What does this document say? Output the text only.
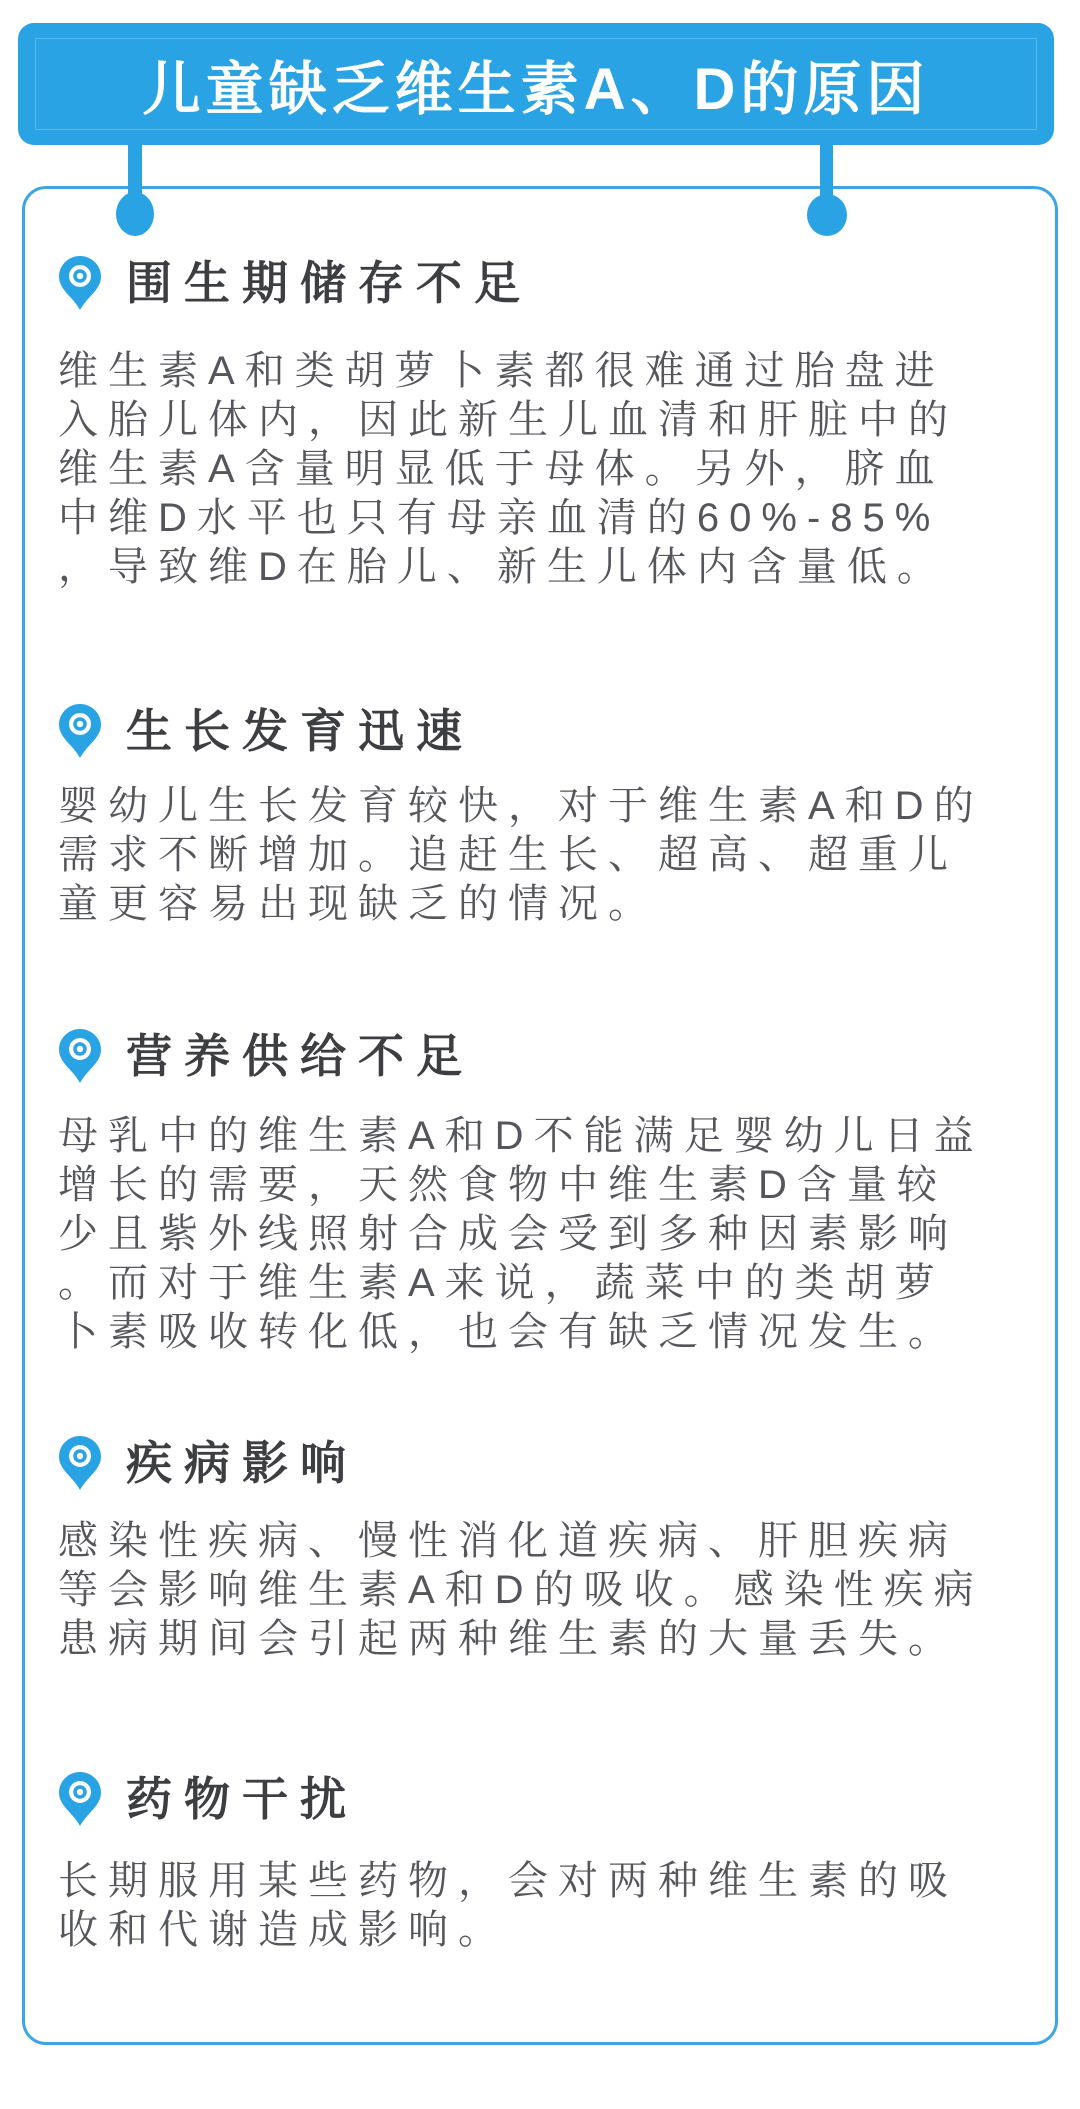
儿童缺乏维生素A、D的原因
围生期储存不足
维生素A和类胡萝卜素都很难通过胎盘进
入胎儿体内，因此新生儿血清和肝脏中的
维生素A含量明显低于母体。另外，脐血
中维D水平也只有母亲血清的60%-85%
，导致维D在胎儿、新生儿体内含量低。
生长发育迅速
婴幼儿生长发育较快，对于维生素A和D的
需求不断增加。追赶生长、超高、超重儿
童更容易出现缺乏的情况。
营养供给不足
母乳中的维生素A和D不能满足婴幼儿日益
增长的需要，天然食物中维生素D含量较
少且紫外线照射合成会受到多种因素影响
。而对于维生素A来说，蔬菜中的类胡萝
卜素吸收转化低，也会有缺乏情况发生。
疾病影响
感染性疾病、慢性消化道疾病、肝胆疾病
等会影响维生素A和D的吸收。感染性疾病
患病期间会引起两种维生素的大量丢失。
药物干扰
长期服用某些药物，会对两种维生素的吸
收和代谢造成影响。
